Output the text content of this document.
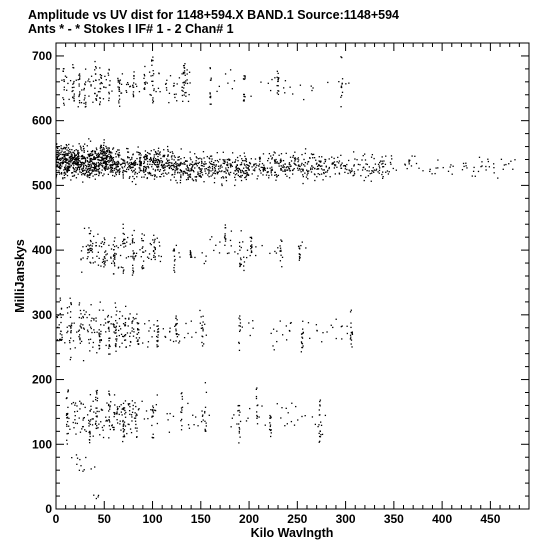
Amplitude vs UV dist for 1148+594.X BAND.1 Source:1148+594
Ants * - * Stokes I IF# 1 - 2 Chan# 1
0	50	100 150 200 250 300 350 400 450
0
100
200
300
400
500
600
700
Kilo Wavlngth
MilliJanskys
